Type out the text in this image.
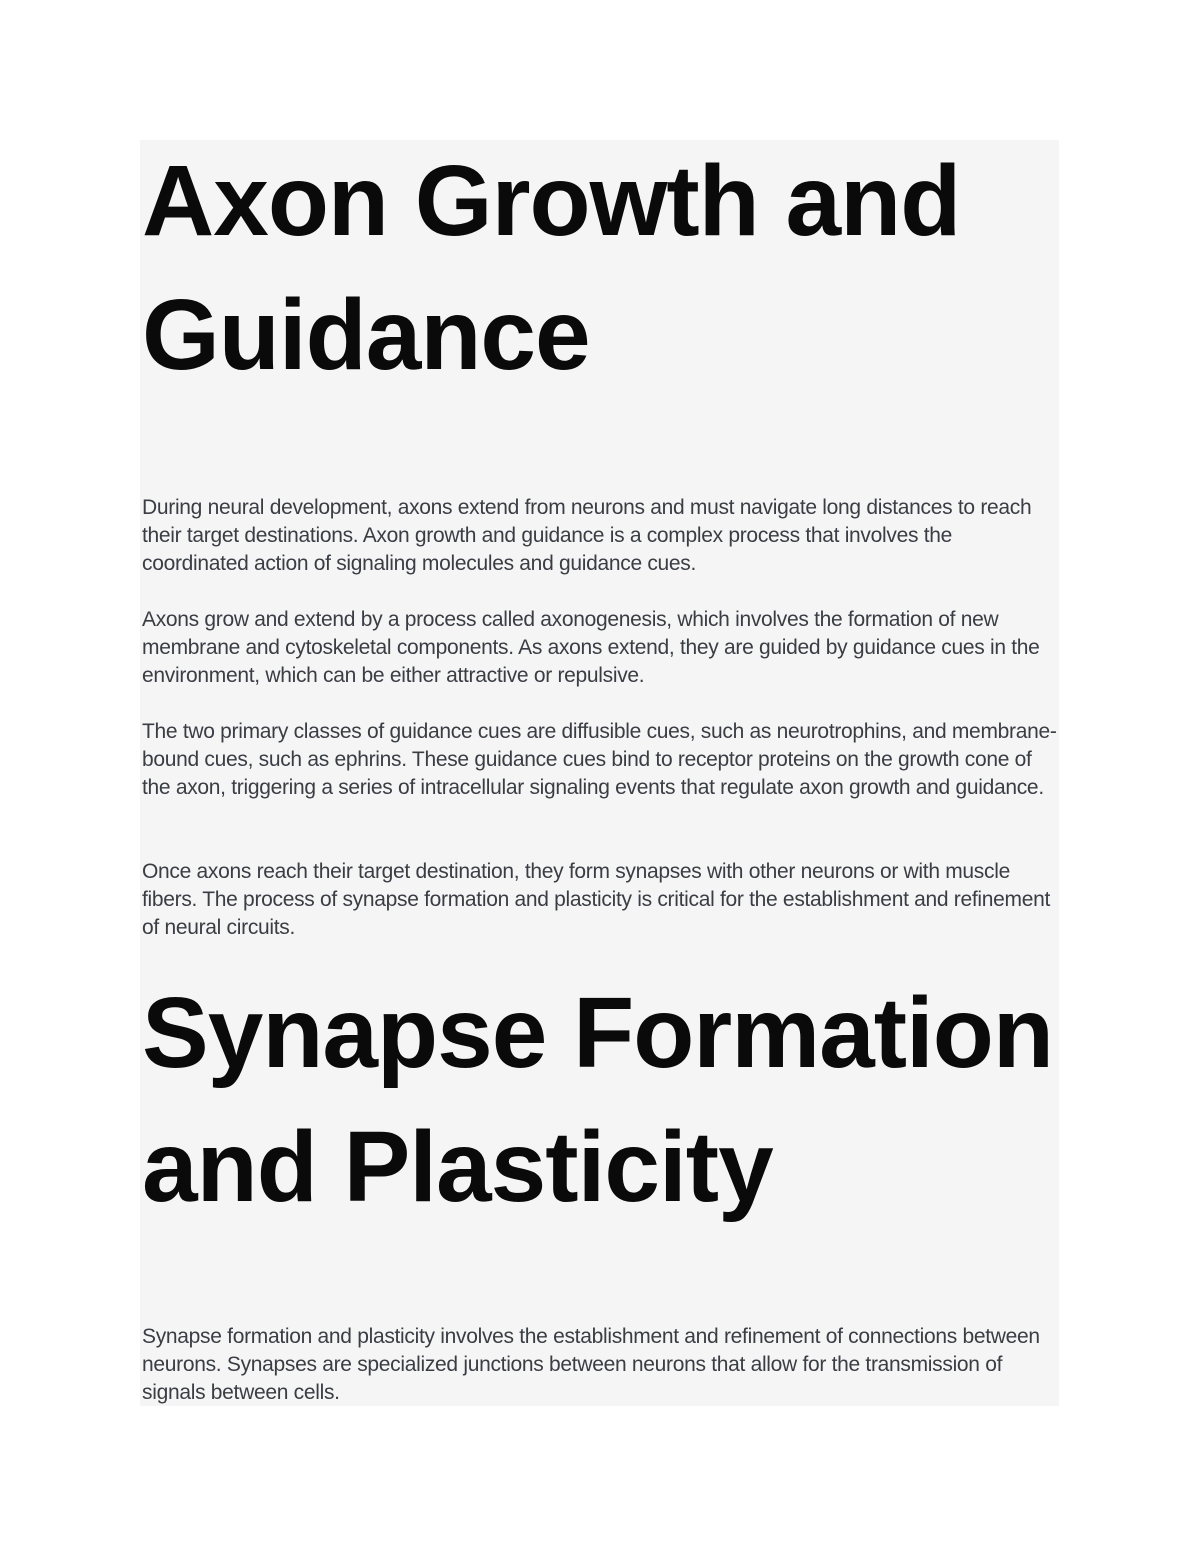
Axon Growth and
Guidance

During neural development, axons extend from neurons and must navigate long distances to reach their target destinations. Axon growth and guidance is a complex process that involves the coordinated action of signaling molecules and guidance cues.

Axons grow and extend by a process called axonogenesis, which involves the formation of new membrane and cytoskeletal components. As axons extend, they are guided by guidance cues in the environment, which can be either attractive or repulsive.

The two primary classes of guidance cues are diffusible cues, such as neurotrophins, and membrane-bound cues, such as ephrins. These guidance cues bind to receptor proteins on the growth cone of the axon, triggering a series of intracellular signaling events that regulate axon growth and guidance.

Once axons reach their target destination, they form synapses with other neurons or with muscle fibers. The process of synapse formation and plasticity is critical for the establishment and refinement of neural circuits.

Synapse Formation
and Plasticity

Synapse formation and plasticity involves the establishment and refinement of connections between neurons. Synapses are specialized junctions between neurons that allow for the transmission of signals between cells.
